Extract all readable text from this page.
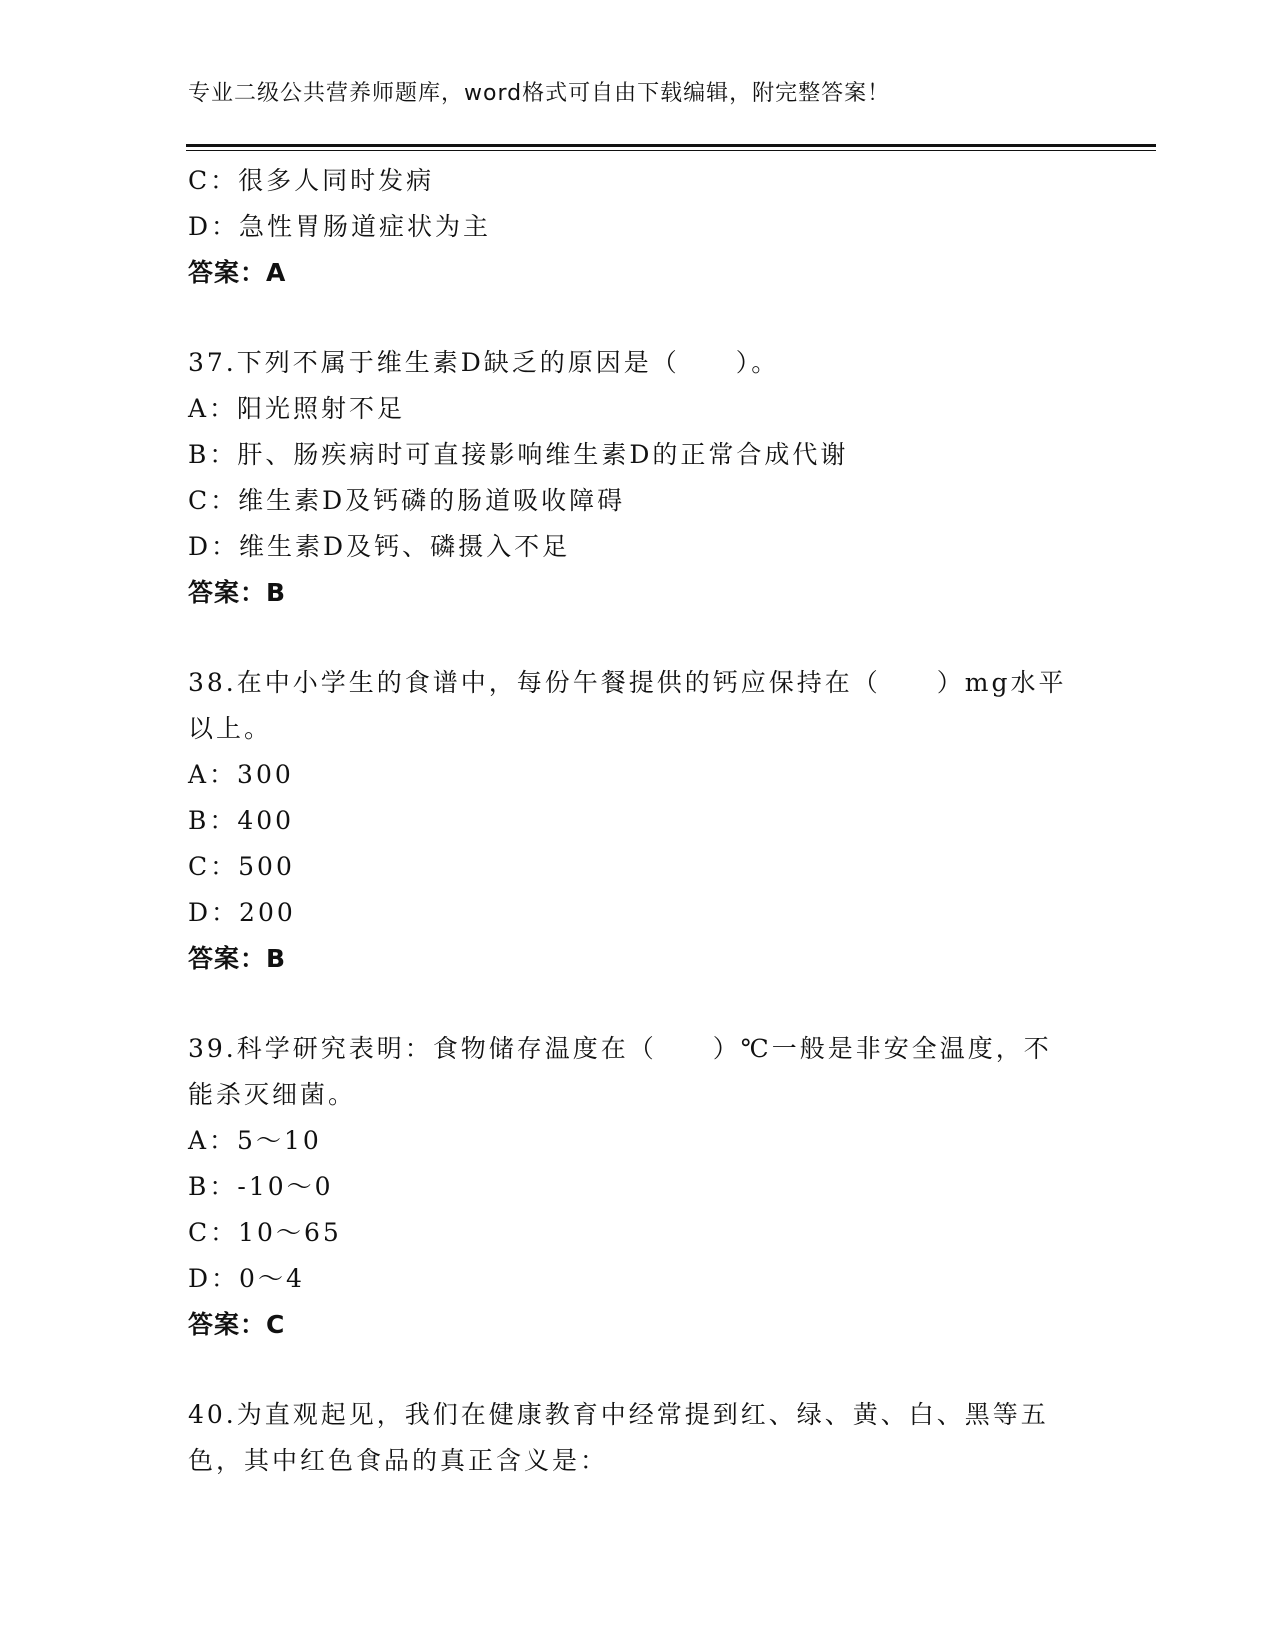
专业二级公共营养师题库，word格式可自由下载编辑，附完整答案！
C：很多人同时发病
D：急性胃肠道症状为主
答案：A
37.下列不属于维生素D缺乏的原因是（　　）。
A：阳光照射不足
B：肝、肠疾病时可直接影响维生素D的正常合成代谢
C：维生素D及钙磷的肠道吸收障碍
D：维生素D及钙、磷摄入不足
答案：B
38.在中小学生的食谱中，每份午餐提供的钙应保持在（　　）mg水平
以上。
A：300
B：400
C：500
D：200
答案：B
39.科学研究表明：食物储存温度在（　　）℃一般是非安全温度，不
能杀灭细菌。
A：5～10
B：-10～0
C：10～65
D：0～4
答案：C
40.为直观起见，我们在健康教育中经常提到红、绿、黄、白、黑等五
色，其中红色食品的真正含义是：
